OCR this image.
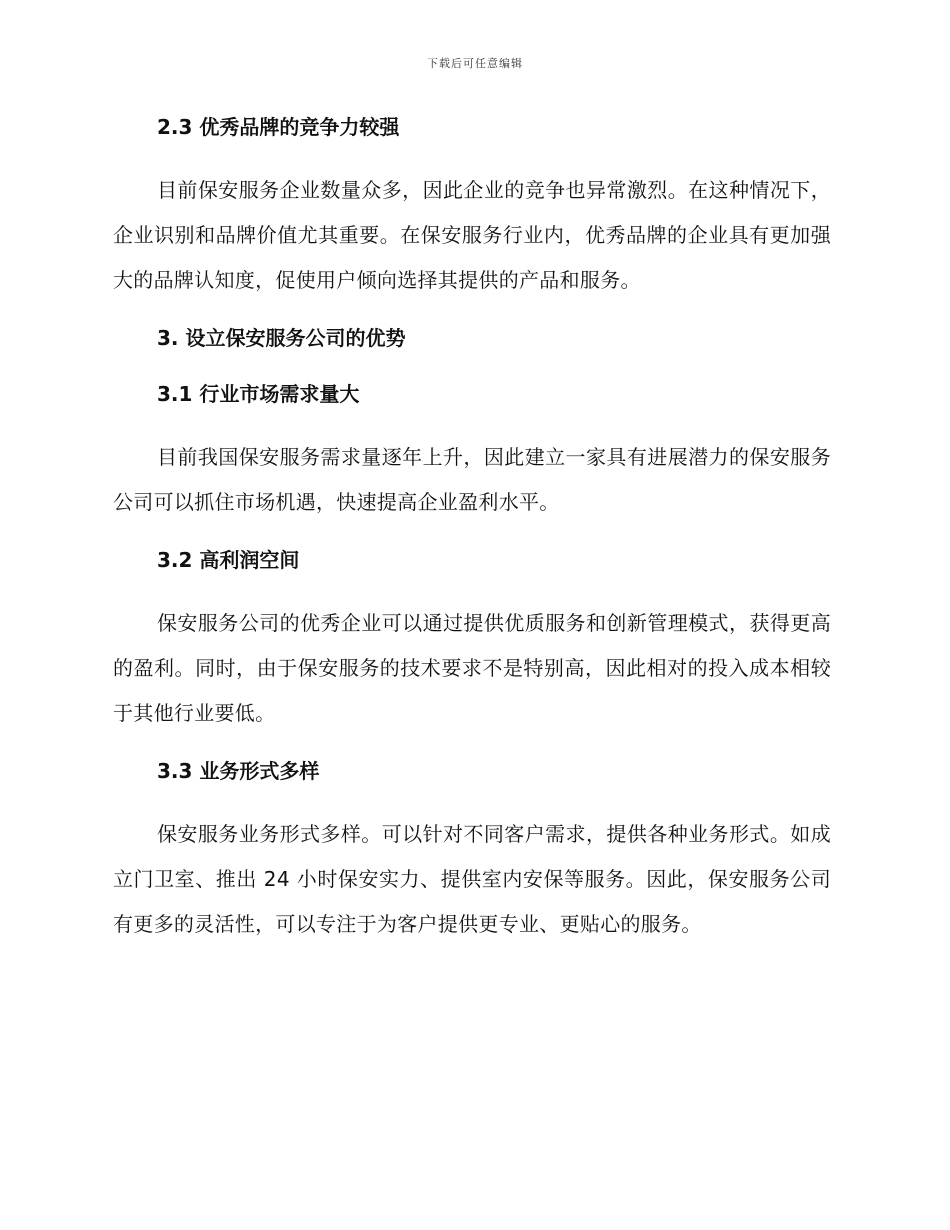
下载后可任意编辑
2.3 优秀品牌的竞争力较强

目前保安服务企业数量众多，因此企业的竞争也异常激烈。在这种情况下，企业识别和品牌价值尤其重要。在保安服务行业内，优秀品牌的企业具有更加强大的品牌认知度，促使用户倾向选择其提供的产品和服务。

3. 设立保安服务公司的优势
3.1 行业市场需求量大

目前我国保安服务需求量逐年上升，因此建立一家具有进展潜力的保安服务公司可以抓住市场机遇，快速提高企业盈利水平。

3.2 高利润空间

保安服务公司的优秀企业可以通过提供优质服务和创新管理模式，获得更高的盈利。同时，由于保安服务的技术要求不是特别高，因此相对的投入成本相较于其他行业要低。

3.3 业务形式多样

保安服务业务形式多样。可以针对不同客户需求，提供各种业务形式。如成立门卫室、推出 24 小时保安实力、提供室内安保等服务。因此，保安服务公司有更多的灵活性，可以专注于为客户提供更专业、更贴心的服务。
